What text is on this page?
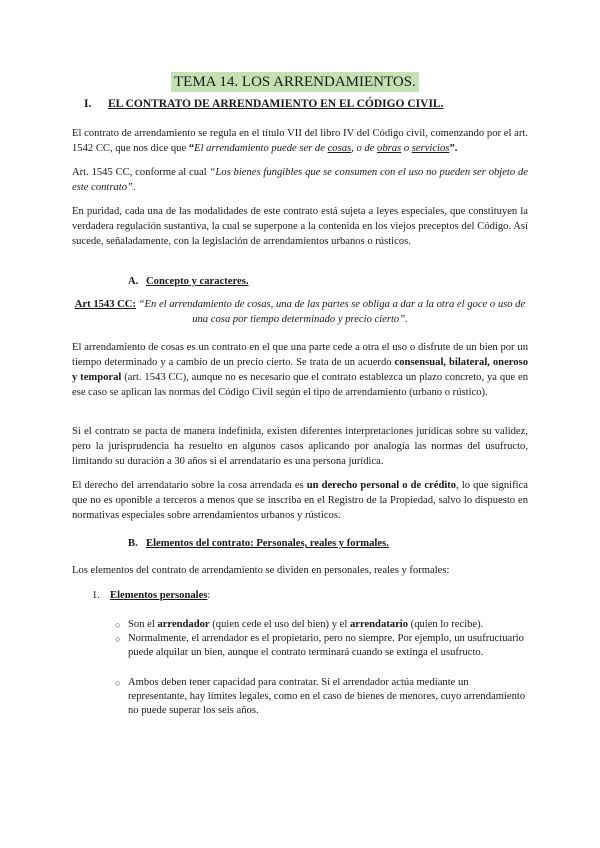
TEMA 14. LOS ARRENDAMIENTOS.
I. EL CONTRATO DE ARRENDAMIENTO EN EL CÓDIGO CIVIL.

El contrato de arrendamiento se regula en el título VII del libro IV del Código civil, comenzando por el art. 1542 CC, que nos dice que “El arrendamiento puede ser de cosas, o de obras o servicios”.

Art. 1545 CC, conforme al cual “Los bienes fungibles que se consumen con el uso no pueden ser objeto de este contrato”.

En puridad, cada una de las modalidades de este contrato está sujeta a leyes especiales, que constituyen la verdadera regulación sustantiva, la cual se superpone a la contenida en los viejos preceptos del Código. Así sucede, señaladamente, con la legislación de arrendamientos urbanos o rústicos.

A. Concepto y caracteres.
Art 1543 CC: “En el arrendamiento de cosas, una de las partes se obliga a dar a la otra el goce o uso de una cosa por tiempo determinado y precio cierto”.

El arrendamiento de cosas es un contrato en el que una parte cede a otra el uso o disfrute de un bien por un tiempo determinado y a cambio de un precio cierto. Se trata de un acuerdo consensual, bilateral, oneroso y temporal (art. 1543 CC), aunque no es necesario que el contrato establezca un plazo concreto, ya que en ese caso se aplican las normas del Código Civil según el tipo de arrendamiento (urbano o rústico).

Si el contrato se pacta de manera indefinida, existen diferentes interpretaciones jurídicas sobre su validez, pero la jurisprudencia ha resuelto en algunos casos aplicando por analogía las normas del usufructo, limitando su duración a 30 años si el arrendatario es una persona jurídica.

El derecho del arrendatario sobre la cosa arrendada es un derecho personal o de crédito, lo que significa que no es oponible a terceros a menos que se inscriba en el Registro de la Propiedad, salvo lo dispuesto en normativas especiales sobre arrendamientos urbanos y rústicos.

B. Elementos del contrato: Personales, reales y formales.

Los elementos del contrato de arrendamiento se dividen en personales, reales y formales:

1. Elementos personales:
○ Son el arrendador (quien cede el uso del bien) y el arrendatario (quien lo recibe).
○ Normalmente, el arrendador es el propietario, pero no siempre. Por ejemplo, un usufructuario puede alquilar un bien, aunque el contrato terminará cuando se extinga el usufructo.
○ Ambos deben tener capacidad para contratar. Si el arrendador actúa mediante un representante, hay límites legales, como en el caso de bienes de menores, cuyo arrendamiento no puede superar los seis años.
